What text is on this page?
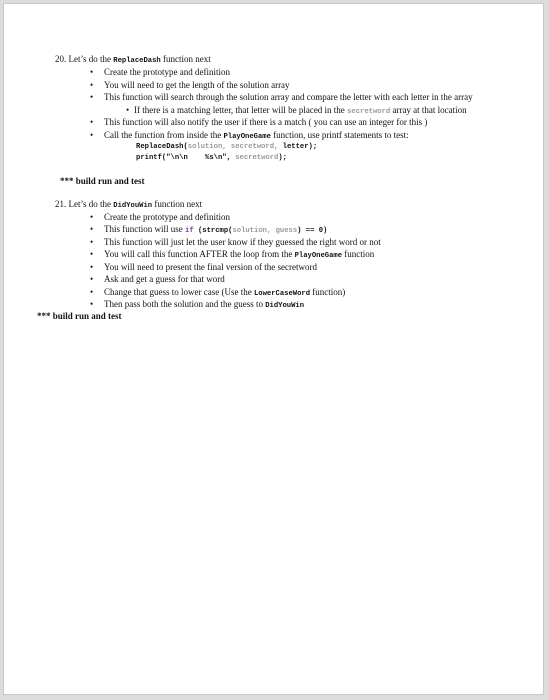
20. Let’s do the ReplaceDash function next
• Create the prototype and definition
• You will need to get the length of the solution array
• This function will search through the solution array and compare the letter with each letter in the array
• If there is a matching letter, that letter will be placed in the secretword array at that location
• This function will also notify the user if there is a match ( you can use an integer for this )
• Call the function from inside the PlayOneGame function, use printf statements to test:
ReplaceDash(solution, secretword, letter);
printf("\n\n    %s\n", secretword);
*** build run and test
21. Let’s do the DidYouWin function next
• Create the prototype and definition
• This function will use if (strcmp(solution, guess) == 0)
• This function will just let the user know if they guessed the right word or not
• You will call this function AFTER the loop from the PlayOneGame function
• You will need to present the final version of the secretword
• Ask and get a guess for that word
• Change that guess to lower case (Use the LowerCaseWord function)
• Then pass both the solution and the guess to DidYouWin
*** build run and test
